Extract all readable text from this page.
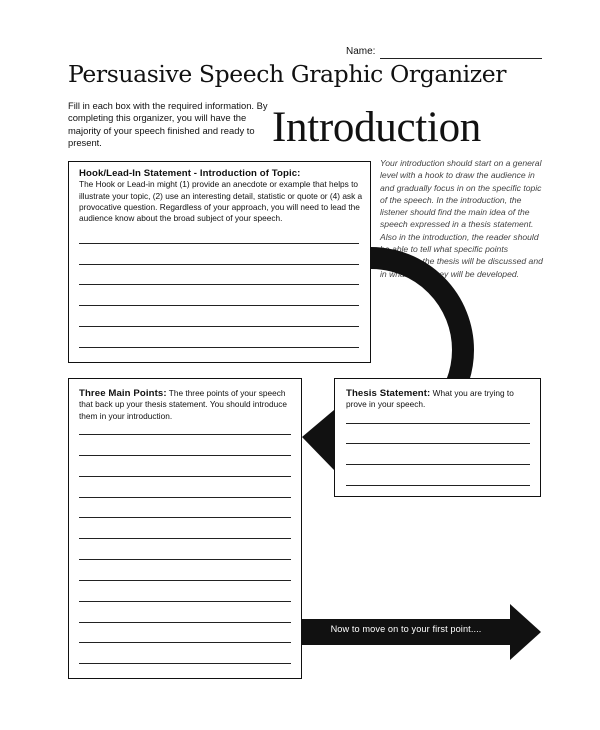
Name:
Persuasive Speech Graphic Organizer
Fill in each box with the required information. By completing this organizer, you will have the majority of your speech finished and ready to present.	Introduction
Your introduction should start on a general level with a hook to draw the audience in and gradually focus in on the specific topic of the speech. In the introduction, the listener should find the main idea of the speech expressed in a thesis statement. Also in the introduction, the reader should be able to tell what specific points supporting the thesis will be discussed and in what order they will be developed.
Hook/Lead-In Statement - Introduction of Topic:
The Hook or Lead-in might (1) provide an anecdote or example that helps to illustrate your topic, (2) use an interesting detail, statistic or quote or (4) ask a provocative question. Regardless of your approach, you will need to lead the audience know about the broad subject of your speech.
Three Main Points: The three points of your speech that back up your thesis statement. You should introduce them in your introduction.
Thesis Statement: What you are trying to prove in your speech.
Now to move on to your first point....
